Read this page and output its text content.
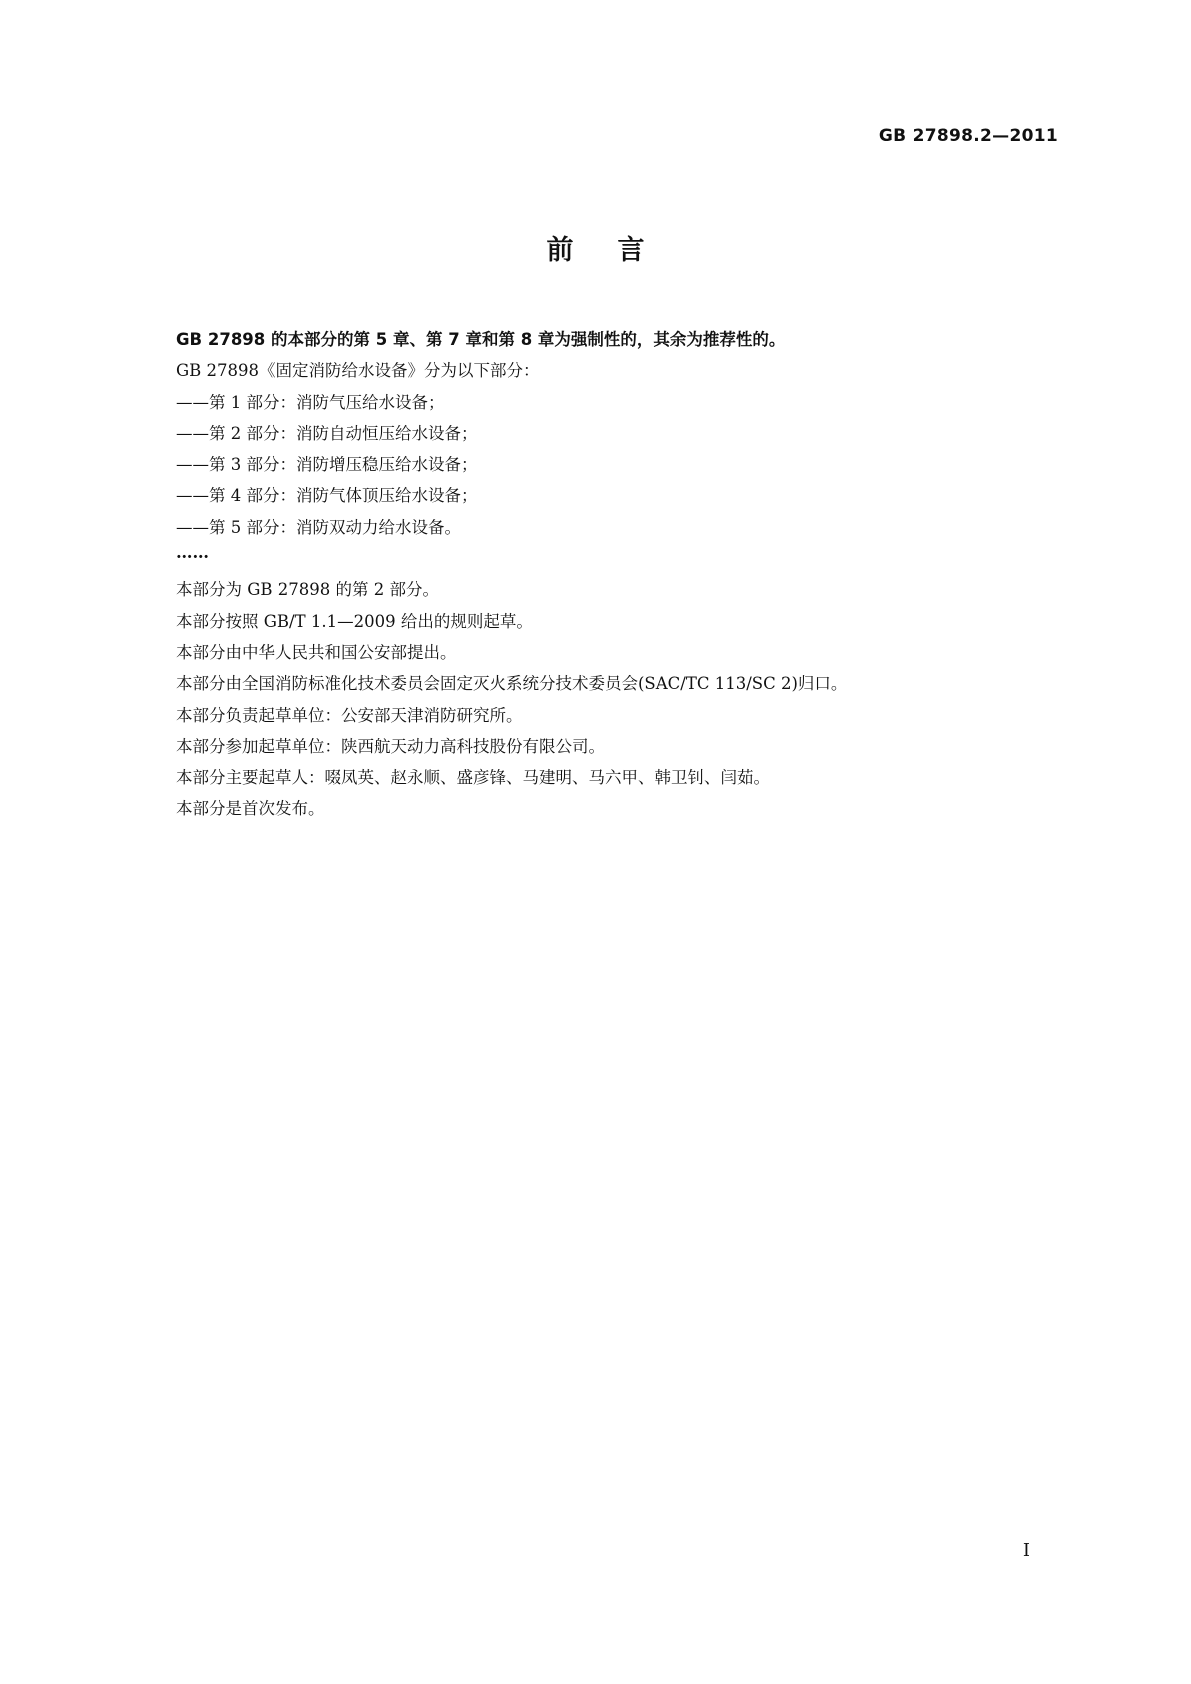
GB 27898.2—2011
前言
GB 27898 的本部分的第 5 章、第 7 章和第 8 章为强制性的，其余为推荐性的。
GB 27898《固定消防给水设备》分为以下部分：
——第 1 部分：消防气压给水设备；
——第 2 部分：消防自动恒压给水设备；
——第 3 部分：消防增压稳压给水设备；
——第 4 部分：消防气体顶压给水设备；
——第 5 部分：消防双动力给水设备。
……
本部分为 GB 27898 的第 2 部分。
本部分按照 GB/T 1.1—2009 给出的规则起草。
本部分由中华人民共和国公安部提出。
本部分由全国消防标准化技术委员会固定灭火系统分技术委员会(SAC/TC 113/SC 2)归口。
本部分负责起草单位：公安部天津消防研究所。
本部分参加起草单位：陕西航天动力高科技股份有限公司。
本部分主要起草人：啜凤英、赵永顺、盛彦锋、马建明、马六甲、韩卫钊、闫茹。
本部分是首次发布。
I
